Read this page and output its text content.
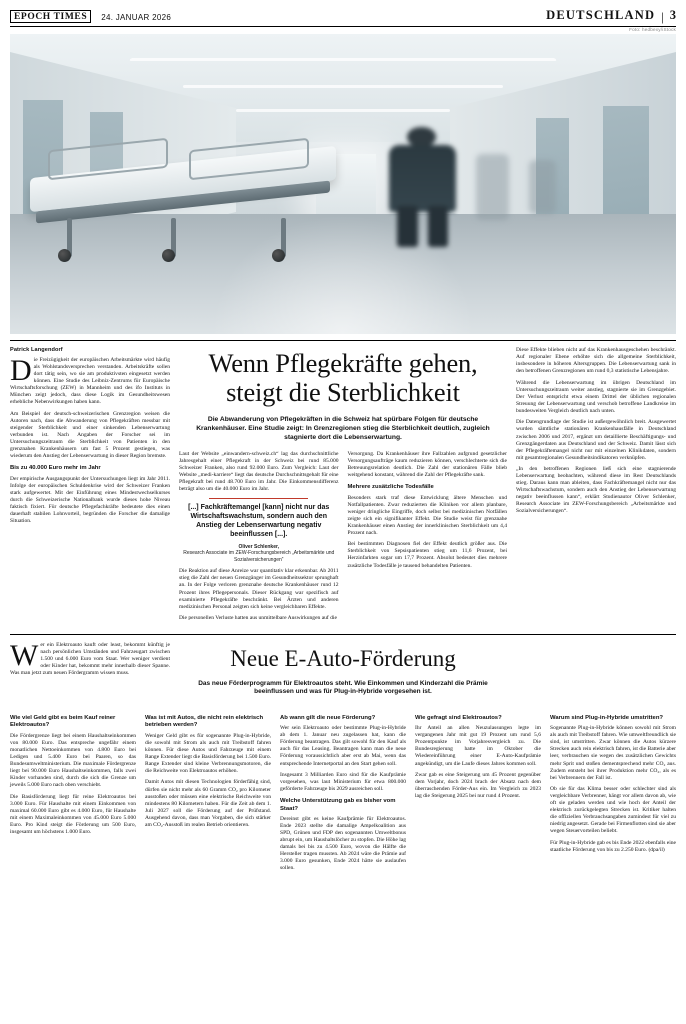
EPOCH TIMES	24. JANUAR 2026	DEUTSCHLAND | 3
Foto: hedbexy/iStock
Patrick Langendorf

Die Freizügigkeit der europäischen Arbeitsmärkte wird häufig als Wohlstandsversprechen verstanden. Arbeitskräfte sollen dort tätig sein, wo sie am produktivsten eingesetzt werden können. Eine Studie des Leibniz-Zentrums für Europäische Wirtschaftsforschung (ZEW) in Mannheim und des ifo Instituts in München zeigt jedoch, dass diese Logik im Gesundheitswesen erhebliche Nebenwirkungen haben kann.

Am Beispiel der deutsch-schweizerischen Grenzregion weisen die Autoren nach, dass die Abwanderung von Pflegekräften messbar mit steigender Sterblichkeit und einer sinkenden Lebenserwartung verbunden ist. Nach Angaben der Forscher sei im Untersuchungszeitraum die Sterblichkeit von Patienten in den grenznahen Krankenhäusern um fast 5 Prozent gestiegen, was wiederum den Anstieg der Lebenserwartung in dieser Region bremste.

Bis zu 40.000 Euro mehr im Jahr

Der empirische Ausgangspunkt der Untersuchungen liegt im Jahr 2011. Infolge der europäischen Schuldenkrise wird der Schweizer Franken stark aufgewertet. Mit der Einführung eines Mindestwechselkurses durch die Schweizerische Nationalbank wurde dieses hohe Niveau faktisch fixiert. Für deutsche Pflegefachkräfte bedeutete dies einen dauerhaft stabilen Lohnvorteil, begründen die Forscher die damalige Situation.

Wenn Pflegekräfte gehen,
steigt die Sterblichkeit
Die Abwanderung von Pflegekräften in die Schweiz hat spürbare Folgen für deutsche Krankenhäuser. Eine Studie zeigt: In Grenzregionen stieg die Sterblichkeit deutlich, zugleich stagnierte dort die Lebenserwartung.

Laut der Website „einwandern-schweiz.ch“ lag das durchschnittliche Jahresgehalt einer Pflegekraft in der Schweiz bei rund 85.000 Schweizer Franken, also rund 92.000 Euro. Zum Vergleich: Laut der Website „medi-karriere“ liegt das deutsche Durchschnittsgehalt für eine Pflegekraft bei rund 48.700 Euro im Jahr. Die Einkommensdifferenz beträgt also um die 40.000 Euro im Jahr.

[...] Fachkräftemangel [kann] nicht nur das Wirtschaftswachstum, sondern auch den Anstieg der Lebenserwartung negativ beeinflussen [...].
Oliver Schlenker,
Research Associate im ZEW-Forschungsbereich „Arbeitsmärkte und Sozialversicherungen“

Die Reaktion auf diese Anreize war quantitativ klar erkennbar. Ab 2011 stieg die Zahl der neuen Grenzgänger im Gesundheitssektor sprunghaft an. In der Folge verloren grenznahe deutsche Krankenhäuser rund 12 Prozent ihres Pflegepersonals. Dieser Rückgang war spezifisch auf examinierte Pflegekräfte beschränkt. Bei Ärzten und anderen medizinischen Personal zeigten sich keine vergleichbaren Effekte.

Die personellen Verluste hatten aus unmittelbare Auswirkungen auf die

Versorgung. Da Krankenhäuser ihre Fallzahlen aufgrund gesetzlicher Versorgungsaufträge kaum reduzieren können, verschlechterte sich die Betreuungsrelation deutlich. Die Zahl der stationären Fälle blieb weitgehend konstant, während die Zahl der Pflegekräfte sank.

Mehrere zusätzliche Todesfälle

Besonders stark traf diese Entwicklung ältere Menschen und Notfallpatienten. Zwar reduzierten die Kliniken vor allem planbare, weniger dringliche Eingriffe, doch selbst bei medizinischen Notfällen zeigte sich ein signifikanter Effekt. Die Studie weist für grenznahe Krankenhäuser einen Anstieg der innerklinischen Sterblichkeit um 4,4 Prozent nach.

Bei bestimmten Diagnosen fiel der Effekt deutlich größer aus. Die Sterblichkeit von Sepsispatienten stieg um 11,6 Prozent, bei Herzinfarkten sogar um 17,7 Prozent. Absolut bedeutet dies mehrere zusätzliche Todesfälle je tausend behandelten Patienten.

Diese Effekte blieben nicht auf das Krankenhausgeschehen beschränkt. Auf regionaler Ebene erhöhte sich die allgemeine Sterblichkeit, insbesondere in höheren Altersgruppen. Die Lebenserwartung sank in den betroffenen Grenzregionen um rund 0,3 statistische Lebensjahre.

Während die Lebenserwartung im übrigen Deutschland im Untersuchungszeitraum weiter anstieg, stagnierte sie im Grenzgebiet. Der Verlust entspricht etwa einem Drittel der üblichen regionalen Streuung der Lebenserwartung und verschob betroffene Landkreise im bundesweiten Vergleich deutlich nach unten.

Die Datengrundlage der Studie ist außergewöhnlich breit. Ausgewertet wurden sämtliche stationären Krankenhausfälle in Deutschland zwischen 2006 und 2017, ergänzt um detaillierte Beschäftigungs- und Grenzgängerdaten aus Deutschland und der Schweiz. Damit lässt sich der Pflegekräftemangel nicht nur mit einzelnen Klinikdaten, sondern mit gesamtregionalen Gesundheitsindikatoren verknüpfen.

„In den betroffenen Regionen ließ sich eine stagnierende Lebenserwartung beobachten, während diese im Rest Deutschlands stieg. Daraus kann man ableiten, dass Fachkräftemangel nicht nur das Wirtschaftswachstum, sondern auch den Anstieg der Lebenserwartung negativ beeinflussen kann“, erklärt Studienautor Oliver Schlenker, Research Associate im ZEW-Forschungsbereich „Arbeitsmärkte und Sozialversicherungen“.

Wer ein Elektroauto kauft oder least, bekommt künftig je nach persönlichen Umständen und Fahrzeugart zwischen 1.500 und 6.000 Euro vom Staat. Wer weniger verdient oder Kinder hat, bekommt mehr innerhalb dieser Spanne. Was man jetzt zum neuen Fördergramm wissen muss.

Neue E-Auto-Förderung
Das neue Förderprogramm für Elektroautos steht. Wie Einkommen und Kinderzahl die Prämie beeinflussen und was für Plug-in-Hybride vorgesehen ist.
Wie viel Geld gibt es beim Kauf reiner Elektroautos?

Die Fördergrenze liegt bei einem Haushaltseinkommen von 80.000 Euro. Das entspreche ungefähr einem monatlichen Nettoeinkommen von 4.800 Euro bei Ledigen und 5.400 Euro bei Paaren, so das Bundesumweltministerium. Die maximale Fördergrenze liegt bei 90.000 Euro Haushaltseinkommen, falls zwei Kinder vorhanden sind, durch die sich die Grenze um jeweils 5.000 Euro nach oben verschiebt.

Die Basisförderung liegt für reine Elektroautos bei 3.000 Euro. Für Haushalte mit einem Einkommen von maximal 60.000 Euro gibt es 4.000 Euro, für Haushalte mit einem Maximaleinkommen von 45.000 Euro 5.000 Euro. Pro Kind steigt die Förderung um 500 Euro, insgesamt um höchstens 1.000 Euro.

Was ist mit Autos, die nicht rein elektrisch betrieben werden?

Weniger Geld gibt es für sogenannte Plug-in-Hybride, die sowohl mit Strom als auch mit Treibstoff fahren können. Für diese Autos und Fahrzeuge mit einem Range Extender liegt die Basisförderung bei 1.500 Euro. Range Extender sind kleine Verbrennungsmotoren, die die Reichweite von Elektroautos erhöhen.

Damit Autos mit diesen Technologien förderfähig sind, dürfen sie nicht mehr als 60 Gramm CO₂ pro Kilometer ausstoßen oder müssen eine elektrische Reichweite von mindestens 80 Kilometern haben. Für die Zeit ab dem 1. Juli 2027 soll die Förderung auf der Prüfstand. Ausgehend davon, dass man Vorgaben, die sich stärker am CO₂-Ausstoß im realen Betrieb orientieren.

Ab wann gilt die neue Förderung?

Wer sein Elektroauto oder bestimmte Plug-in-Hybride ab dem 1. Januar neu zugelassen hat, kann die Förderung beantragen. Das gilt sowohl für den Kauf als auch für das Leasing. Beantragen kann man die neue Förderung voraussichtlich aber erst ab Mai, wenn das entsprechende Internetportal an den Start gehen soll.

Insgesamt 3 Milliarden Euro sind für die Kaufprämie vorgesehen, was laut Ministerium für etwa 800.000 geförderte Fahrzeuge bis 2029 ausreichen soll.

Welche Unterstützung gab es bisher vom Staat?

Dereinst gibt es keine Kaufprämie für Elektroautos. Ende 2023 stellte die damalige Ampelkoalition aus SPD, Grünen und FDP den sogenannten Umweltbonus abrupt ein, um Haushaltslöcher zu stopfen. Die Höhe lag damals bei bis zu 4.500 Euro, wovon die Hälfte die Hersteller tragen mussten. Ab 2024 wäre die Prämie auf 3.000 Euro gesunken, Ende 2024 hätte sie auslaufen sollen.

Wie gefragt sind Elektroautos?

Ihr Anteil an allen Neuzulassungen legte im vergangenen Jahr mit gut 19 Prozent um rund 5,6 Prozentpunkte im Vorjahresvergleich zu. Die Bundesregierung hatte im Oktober die Wiedereinführung einer E-Auto-Kaufprämie angekündigt, um die Laufe dieses Jahres kommen soll.

Zwar gab es eine Steigerung um 45 Prozent gegenüber dem Vorjahr, doch 2024 brach der Absatz nach dem überraschenden Förder-Aus ein. Im Vergleich zu 2023 lag die Steigerung 2025 bei nur rund 4 Prozent.

Warum sind Plug-in-Hybride umstritten?

Sogenannte Plug-in-Hybride können sowohl mit Strom als auch mit Treibstoff fahren. Wie umweltfreundlich sie sind, ist umstritten. Zwar können die Autos kürzere Strecken auch rein elektrisch fahren, ist die Batterie aber leer, verbrauchen sie wegen des zusätzlichen Gewichts mehr Sprit und stoßen dementsprechend mehr CO₂ aus. Zudem entsteht bei ihrer Produktion mehr CO₂, als es bei Verbrennern der Fall ist.

Ob sie für das Klima besser oder schlechter sind als vergleichbare Verbrenner, hängt vor allem davon ab, wie oft sie geladen werden und wie hoch der Anteil der elektrisch zurückgelegten Strecken ist. Kritiker halten die offiziellen Verbrauchsangaben zumindest für viel zu niedrig angesetzt. Gerade bei Firmenflotten sind sie aber wegen Steuervorteilen beliebt.

Für Plug-in-Hybride gab es bis Ende 2022 ebenfalls eine staatliche Förderung von bis zu 2.250 Euro. (dpa/il)
